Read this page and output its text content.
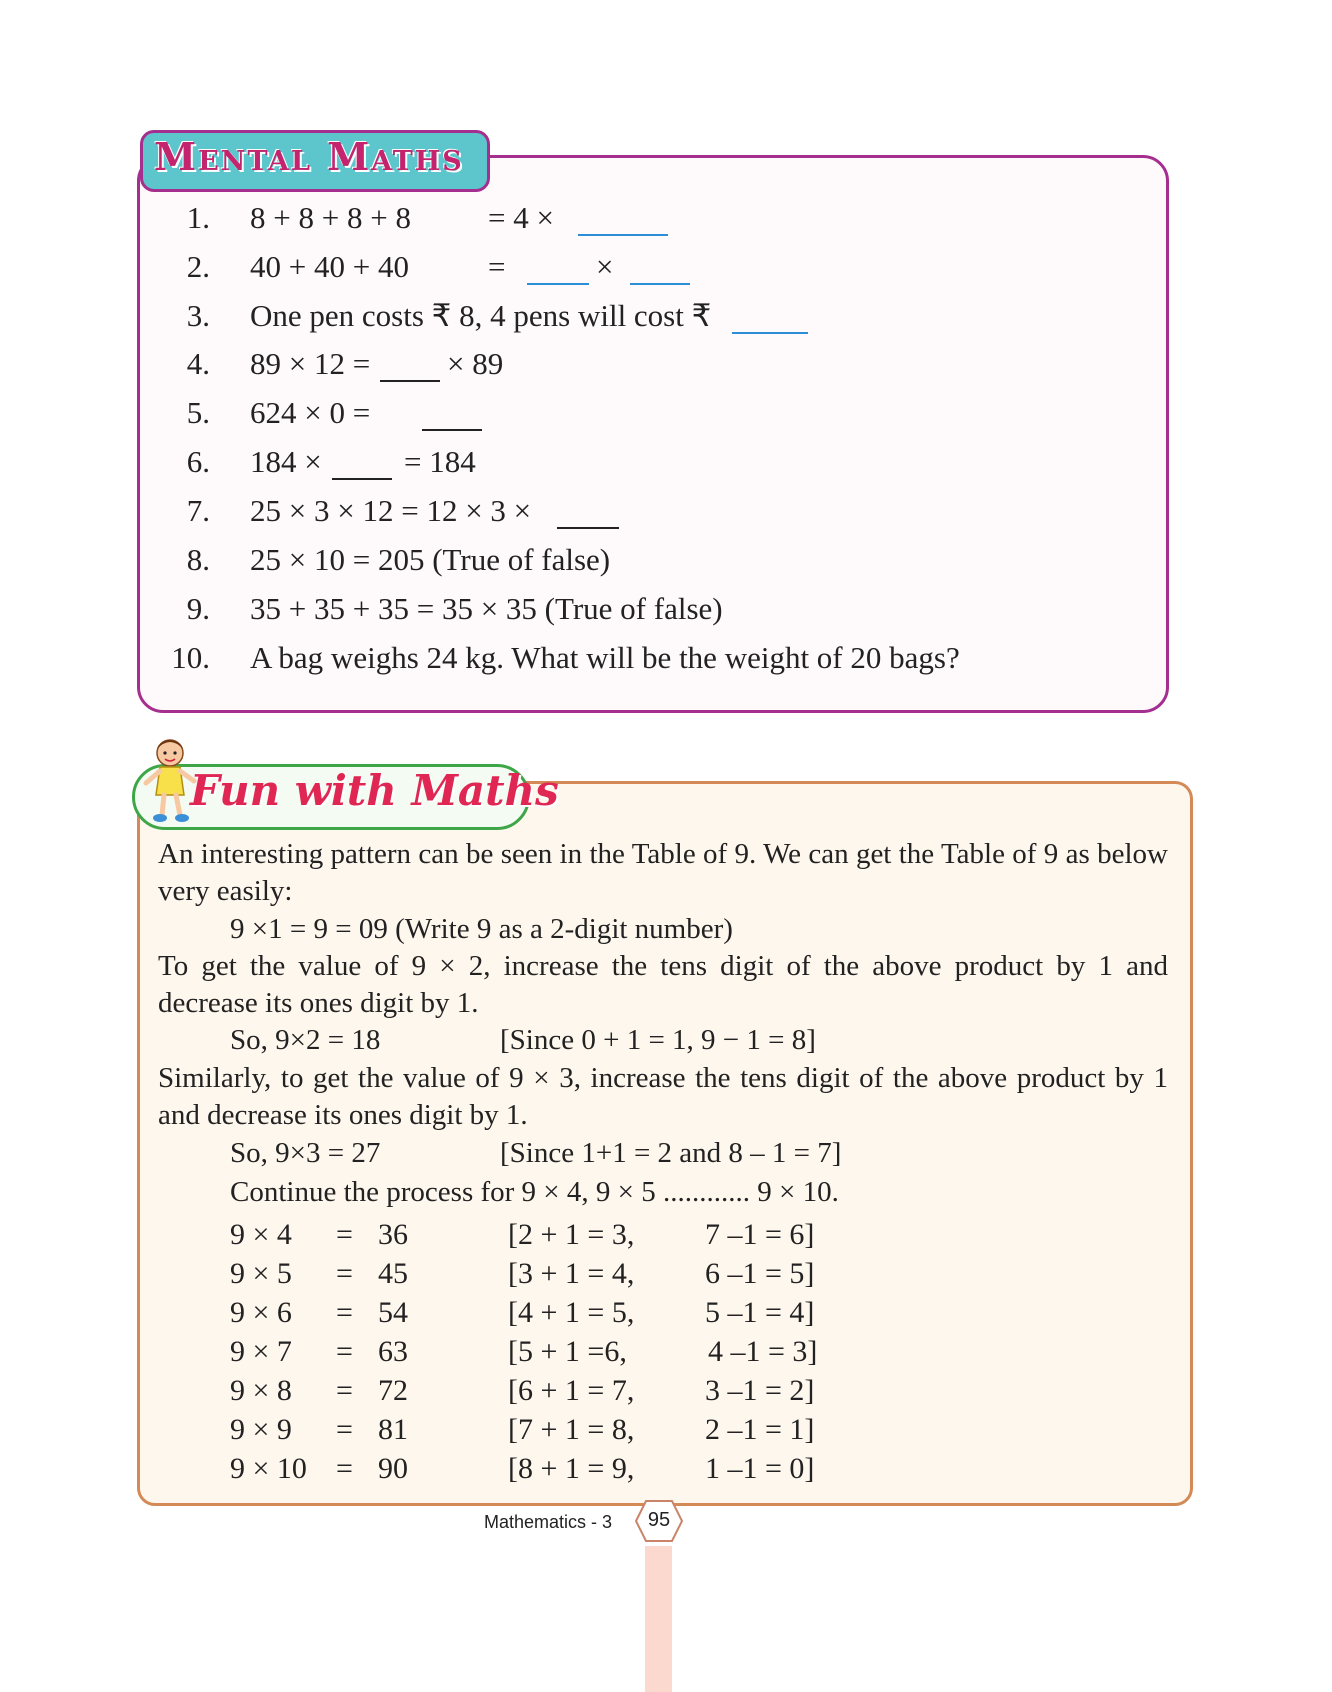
Mental Maths
1. 8 + 8 + 8 + 8 = 4 ×
2. 40 + 40 + 40	=	×
3. One pen costs ₹ 8, 4 pens will cost ₹
4. 89 × 12 = × 89
5. 624 × 0 =
6. 184 ×	= 184
7. 25 × 3 × 12 = 12 × 3 ×
8. 25 × 10 = 205 (True of false)
9. 35 + 35 + 35 = 35 × 35 (True of false)
10. A bag weighs 24 kg. What will be the weight of 20 bags?
Fun with Maths
An interesting pattern can be seen in the Table of 9. We can get the Table of 9 as below very easily:
9 ×1 = 9 = 09 (Write 9 as a 2-digit number)
To get the value of 9 × 2, increase the tens digit of the above product by 1 and decrease its ones digit by 1.
So, 9×2 = 18	[Since 0 + 1 = 1, 9 − 1 = 8]
Similarly, to get the value of 9 × 3, increase the tens digit of the above product by 1 and decrease its ones digit by 1.
So, 9×3 = 27	[Since 1+1 = 2 and 8 – 1 = 7]
Continue the process for 9 × 4, 9 × 5 ............ 9 × 10.
9 × 4 = 36	[2 + 1 = 3, 7 –1 = 6]
9 × 5 = 45	[3 + 1 = 4, 6 –1 = 5]
9 × 6 = 54	[4 + 1 = 5, 5 –1 = 4]
9 × 7 = 63	[5 + 1 =6,	4 –1 = 3]
9 × 8 = 72	[6 + 1 = 7, 3 –1 = 2]
9 × 9 = 81	[7 + 1 = 8, 2 –1 = 1]
9 × 10 = 90	[8 + 1 = 9, 1 –1 = 0]
Mathematics - 3	95
